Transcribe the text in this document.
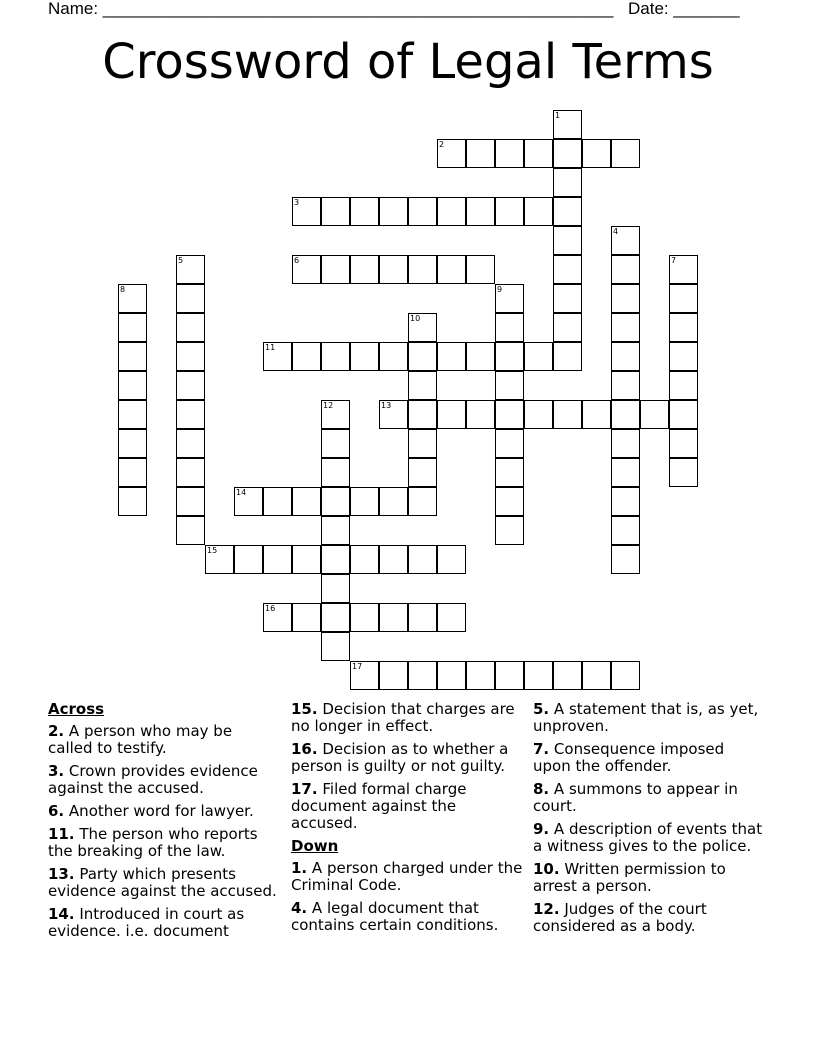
Name: ______________________________________________________ Date: _______
Crossword of Legal Terms
1
2
3
4
5	6	7
8	9
10
11
12	13
14
15
16
17
Across
2. A person who may be called to testify.
3. Crown provides evidence against the accused.
6. Another word for lawyer.
11. The person who reports the breaking of the law.
13. Party which presents evidence against the accused.
14. Introduced in court as evidence. i.e. document
15. Decision that charges are no longer in effect.
16. Decision as to whether a person is guilty or not guilty.
17. Filed formal charge document against the accused.
Down
1. A person charged under the Criminal Code.
4. A legal document that contains certain conditions.
5. A statement that is, as yet, unproven.
7. Consequence imposed upon the offender.
8. A summons to appear in court.
9. A description of events that a witness gives to the police.
10. Written permission to arrest a person.
12. Judges of the court considered as a body.
